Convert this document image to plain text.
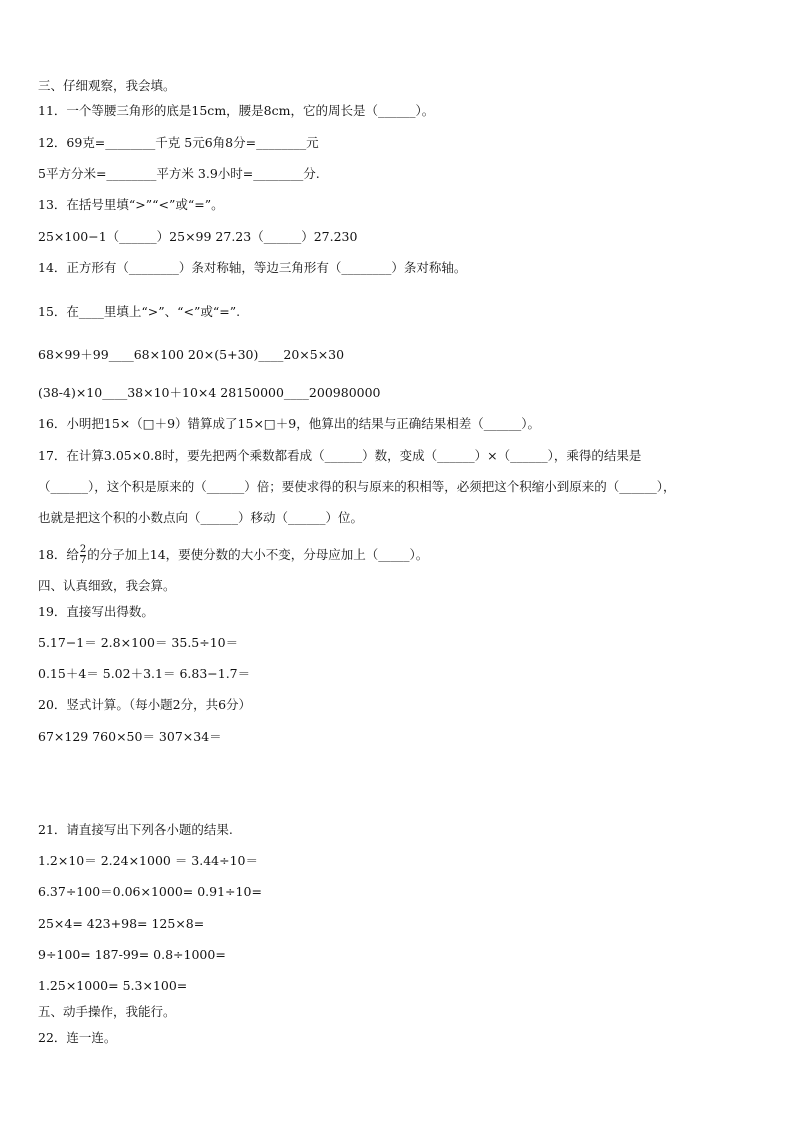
三、仔细观察，我会填。
11．一个等腰三角形的底是15cm，腰是8cm，它的周长是（______）。
12．69克=________千克 5元6角8分=________元
5平方分米=________平方米 3.9小时=________分.
13．在括号里填“>”“<”或“=”。
25×100−1（______）25×99 27.23（______）27.230
14．正方形有（________）条对称轴，等边三角形有（________）条对称轴。
15．在____里填上“>”、“<”或“=”.
68×99＋99____68×100 20×(5+30)____20×5×30
(38-4)×10____38×10＋10×4 28150000____200980000
16．小明把15×（□＋9）错算成了15×□＋9，他算出的结果与正确结果相差（______）。
17．在计算3.05×0.8时，要先把两个乘数都看成（______）数，变成（______）×（______），乘得的结果是
（______），这个积是原来的（______）倍；要使求得的积与原来的积相等，必须把这个积缩小到原来的（______），
也就是把这个积的小数点向（______）移动（______）位。
18．给 $\frac{2}{7}$ 的分子加上14，要使分数的大小不变，分母应加上（_____）。
四、认真细致，我会算。
19．直接写出得数。
5.17−1＝ 2.8×100＝ 35.5÷10＝
0.15＋4＝ 5.02＋3.1＝ 6.83−1.7＝
20．竖式计算。（每小题2分，共6分）
67×129 760×50＝ 307×34＝
21．请直接写出下列各小题的结果.
1.2×10＝ 2.24×1000 ＝ 3.44÷10＝
6.37÷100＝0.06×1000= 0.91÷10=
25×4= 423+98= 125×8=
9÷100= 187-99= 0.8÷1000=
1.25×1000= 5.3×100=
五、动手操作，我能行。
22．连一连。
